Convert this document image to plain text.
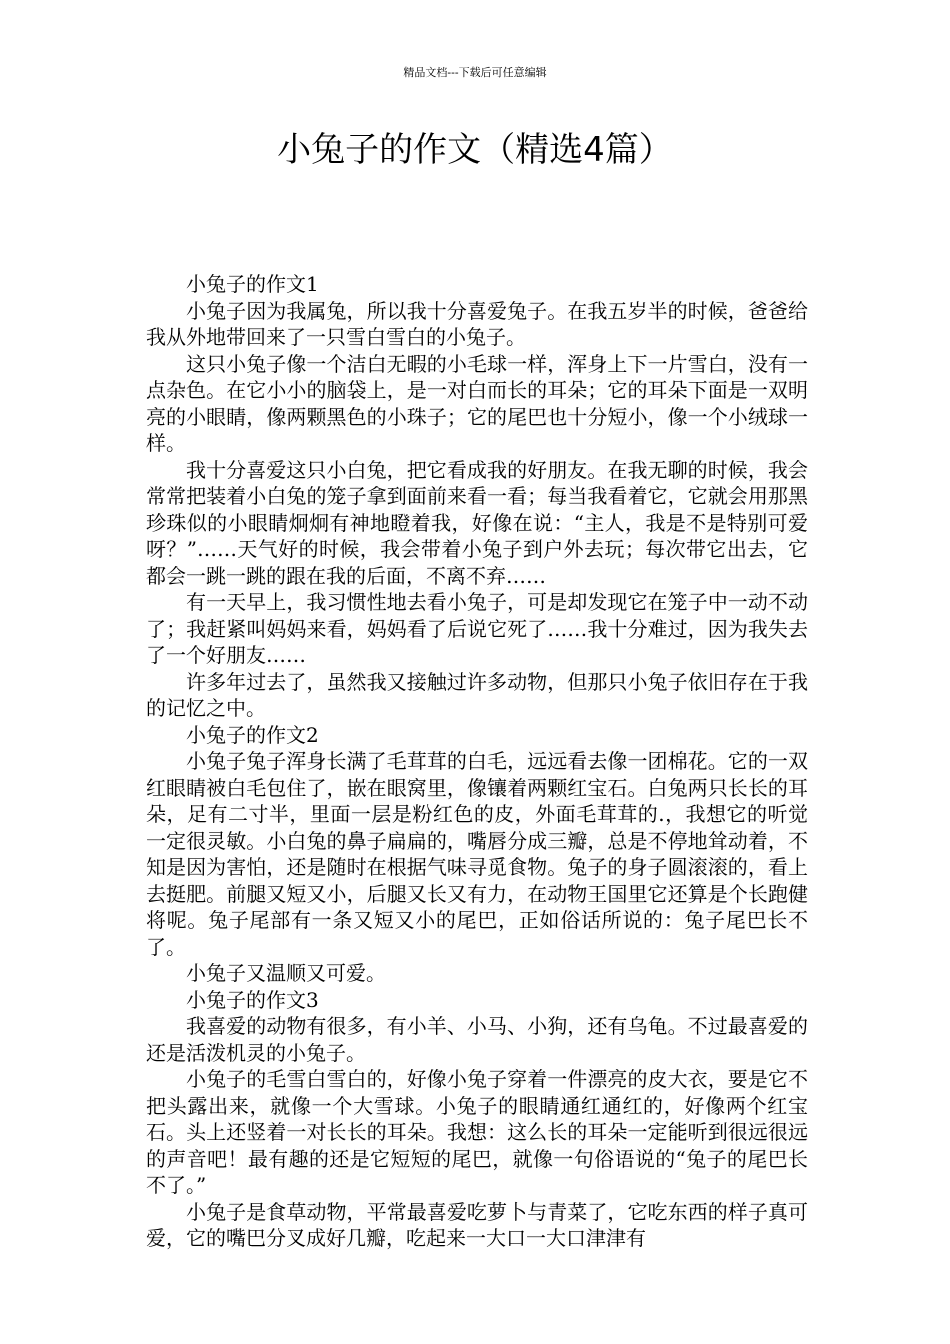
精品文档---下载后可任意编辑
小兔子的作文（精选4篇）

小兔子的作文1

小兔子因为我属兔，所以我十分喜爱兔子。在我五岁半的时候，爸爸给我从外地带回来了一只雪白雪白的小兔子。

这只小兔子像一个洁白无暇的小毛球一样，浑身上下一片雪白，没有一点杂色。在它小小的脑袋上，是一对白而长的耳朵；它的耳朵下面是一双明亮的小眼睛，像两颗黑色的小珠子；它的尾巴也十分短小，像一个小绒球一样。

我十分喜爱这只小白兔，把它看成我的好朋友。在我无聊的时候，我会常常把装着小白兔的笼子拿到面前来看一看；每当我看着它，它就会用那黑珍珠似的小眼睛炯炯有神地瞪着我，好像在说：“主人，我是不是特别可爱呀？”……天气好的时候，我会带着小兔子到户外去玩；每次带它出去，它都会一跳一跳的跟在我的后面，不离不弃……

有一天早上，我习惯性地去看小兔子，可是却发现它在笼子中一动不动了；我赶紧叫妈妈来看，妈妈看了后说它死了……我十分难过，因为我失去了一个好朋友……

许多年过去了，虽然我又接触过许多动物，但那只小兔子依旧存在于我的记忆之中。

小兔子的作文2

小兔子兔子浑身长满了毛茸茸的白毛，远远看去像一团棉花。它的一双红眼睛被白毛包住了，嵌在眼窝里，像镶着两颗红宝石。白兔两只长长的耳朵，足有二寸半，里面一层是粉红色的皮，外面毛茸茸的.，我想它的听觉一定很灵敏。小白兔的鼻子扁扁的，嘴唇分成三瓣，总是不停地耸动着，不知是因为害怕，还是随时在根据气味寻觅食物。兔子的身子圆滚滚的，看上去挺肥。前腿又短又小，后腿又长又有力，在动物王国里它还算是个长跑健将呢。兔子尾部有一条又短又小的尾巴，正如俗话所说的：兔子尾巴长不了。

小兔子又温顺又可爱。

小兔子的作文3

我喜爱的动物有很多，有小羊、小马、小狗，还有乌龟。不过最喜爱的还是活泼机灵的小兔子。

小兔子的毛雪白雪白的，好像小兔子穿着一件漂亮的皮大衣，要是它不把头露出来，就像一个大雪球。小兔子的眼睛通红通红的，好像两个红宝石。头上还竖着一对长长的耳朵。我想：这么长的耳朵一定能听到很远很远的声音吧！最有趣的还是它短短的尾巴，就像一句俗语说的“兔子的尾巴长不了。”

小兔子是食草动物，平常最喜爱吃萝卜与青菜了，它吃东西的样子真可爱，它的嘴巴分叉成好几瓣，吃起来一大口一大口津津有
